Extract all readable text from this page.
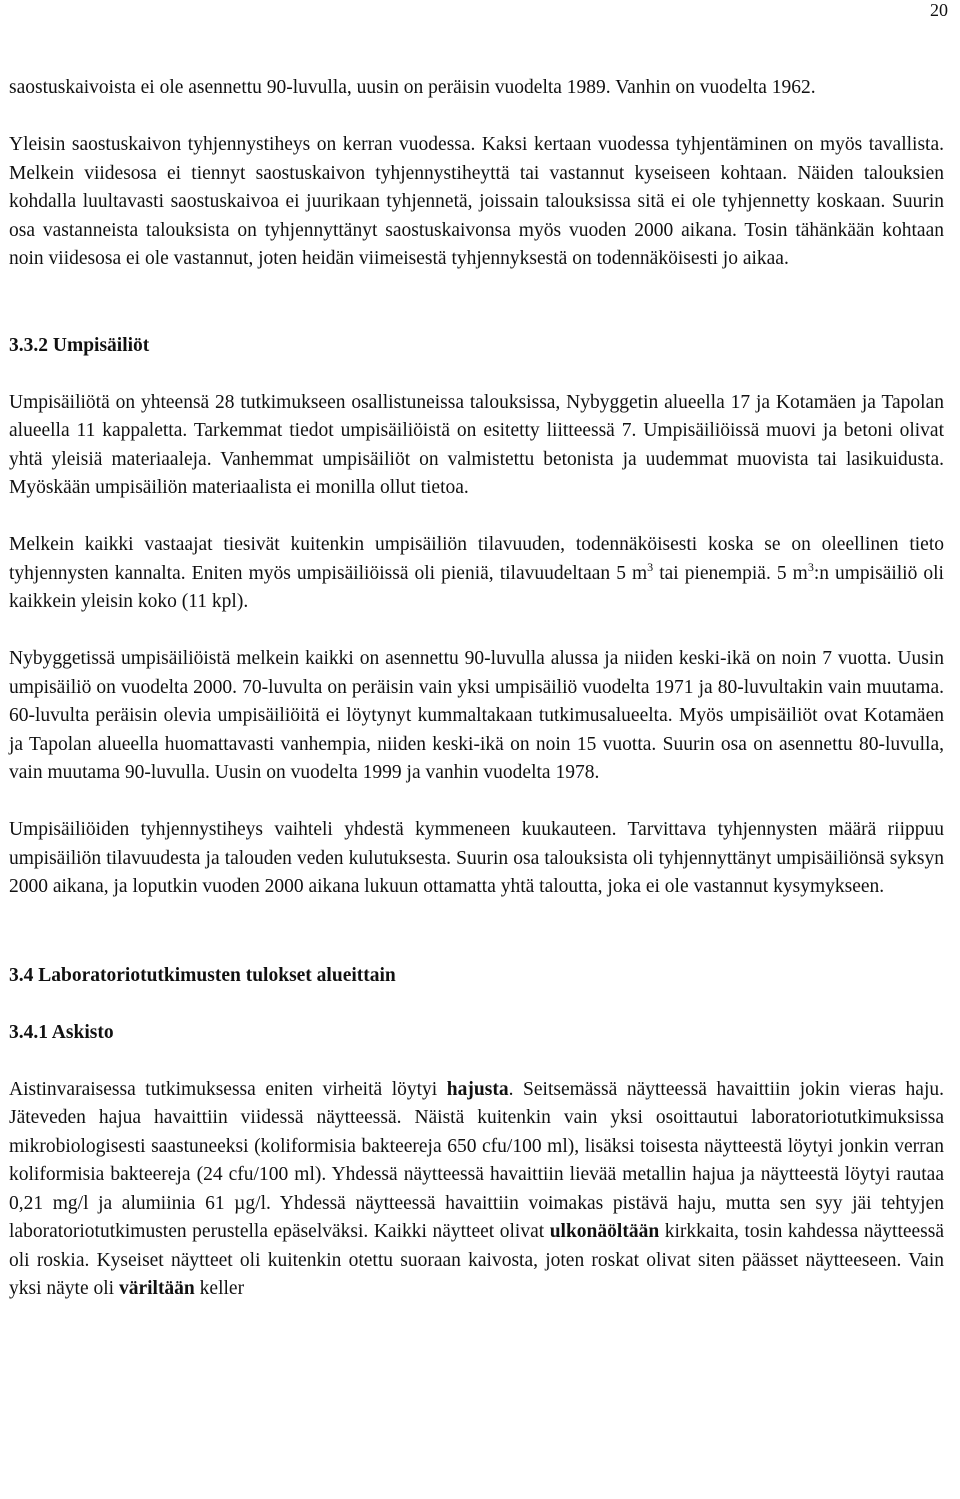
20

saostuskaivoista ei ole asennettu 90-luvulla, uusin on peräisin vuodelta 1989. Vanhin on vuodelta 1962.

Yleisin saostuskaivon tyhjennystiheys on kerran vuodessa. Kaksi kertaan vuodessa tyhjentäminen on myös tavallista. Melkein viidesosa ei tiennyt saostuskaivon tyhjennystiheyttä tai vastannut kyseiseen kohtaan. Näiden talouksien kohdalla luultavasti saostuskaivoa ei juurikaan tyhjennetä, joissain talouksissa sitä ei ole tyhjennetty koskaan. Suurin osa vastanneista talouksista on tyhjennyttänyt saostuskaivonsa myös vuoden 2000 aikana. Tosin tähänkään kohtaan noin viidesosa ei ole vastannut, joten heidän viimeisestä tyhjennyksestä on todennäköisesti jo aikaa.

3.3.2 Umpisäiliöt

Umpisäiliötä on yhteensä 28 tutkimukseen osallistuneissa talouksissa, Nybyggetin alueella 17 ja Kotamäen ja Tapolan alueella 11 kappaletta. Tarkemmat tiedot umpisäiliöistä on esitetty liitteessä 7. Umpisäiliöissä muovi ja betoni olivat yhtä yleisiä materiaaleja. Vanhemmat umpisäiliöt on valmistettu betonista ja uudemmat muovista tai lasikuidusta. Myöskään umpisäiliön materiaalista ei monilla ollut tietoa.

Melkein kaikki vastaajat tiesivät kuitenkin umpisäiliön tilavuuden, todennäköisesti koska se on oleellinen tieto tyhjennysten kannalta. Eniten myös umpisäiliöissä oli pieniä, tilavuudeltaan 5 $m^3$ tai pienempiä. 5 $m^3:n$ umpisäiliö oli kaikkein yleisin koko (11 kpl).

Nybyggetissä umpisäiliöistä melkein kaikki on asennettu 90-luvulla alussa ja niiden keski-ikä on noin 7 vuotta. Uusin umpisäiliö on vuodelta 2000. 70-luvulta on peräisin vain yksi umpisäiliö vuodelta 1971 ja 80-luvultakin vain muutama. 60-luvulta peräisin olevia umpisäiliöitä ei löytynyt kummaltakaan tutkimusalueelta. Myös umpisäiliöt ovat Kotamäen ja Tapolan alueella huomattavasti vanhempia, niiden keski-ikä on noin 15 vuotta. Suurin osa on asennettu 80-luvulla, vain muutama 90-luvulla. Uusin on vuodelta 1999 ja vanhin vuodelta 1978.

Umpisäiliöiden tyhjennystiheys vaihteli yhdestä kymmeneen kuukauteen. Tarvittava tyhjennysten määrä riippuu umpisäiliön tilavuudesta ja talouden veden kulutuksesta. Suurin osa talouksista oli tyhjennyttänyt umpisäiliönsä syksyn 2000 aikana, ja loputkin vuoden 2000 aikana lukuun ottamatta yhtä taloutta, joka ei ole vastannut kysymykseen.

3.4 Laboratoriotutkimusten tulokset alueittain
3.4.1 Askisto

Aistinvaraisessa tutkimuksessa eniten virheitä löytyi hajusta. Seitsemässä näytteessä havaittiin jokin vieras haju. Jäteveden hajua havaittiin viidessä näytteessä. Näistä kuitenkin vain yksi osoittautui laboratoriotutkimuksissa mikrobiologisesti saastuneeksi (koliformisia bakteereja 650 cfu/100 ml), lisäksi toisesta näytteestä löytyi jonkin verran koliformisia bakteereja (24 cfu/100 ml). Yhdessä näytteessä havaittiin lievää metallin hajua ja näytteestä löytyi rautaa 0,21 mg/l ja alumiinia 61 µg/l. Yhdessä näytteessä havaittiin voimakas pistävä haju, mutta sen syy jäi tehtyjen laboratoriotutkimusten perustella epäselväksi. Kaikki näytteet olivat ulkonäöltään kirkkaita, tosin kahdessa näytteessä oli roskia. Kyseiset näytteet oli kuitenkin otettu suoraan kaivosta, joten roskat olivat siten päässet näytteeseen. Vain yksi näyte oli väriltään keller
